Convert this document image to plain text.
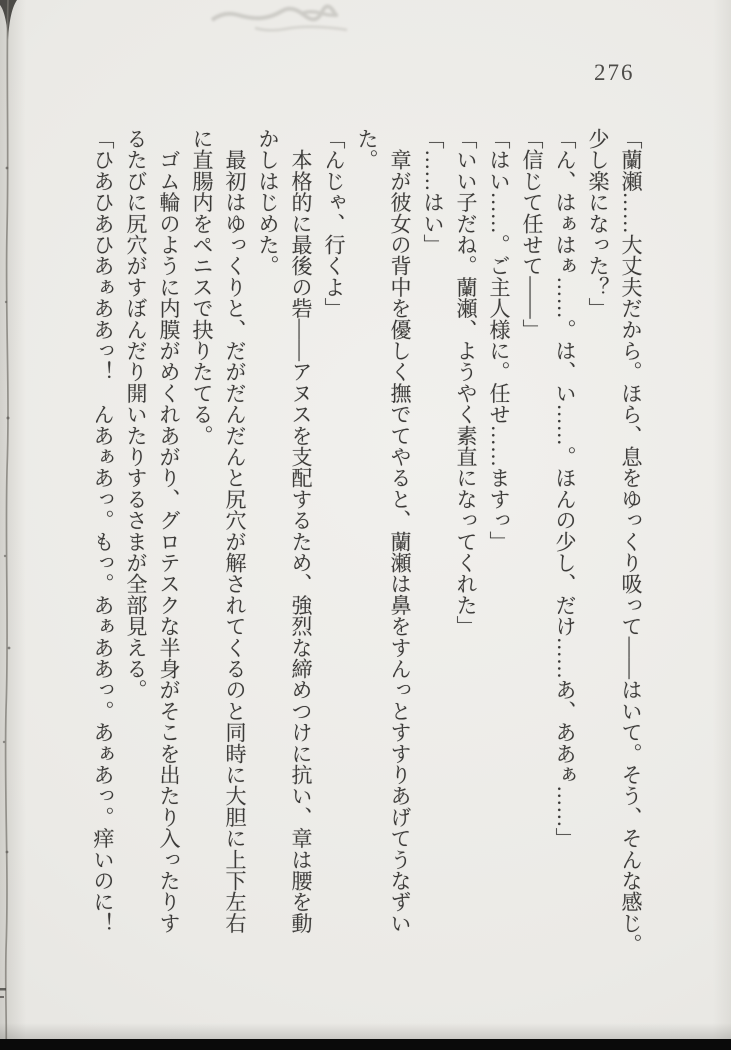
276

「蘭瀬……大丈夫だから。ほら、息をゆっくり吸って――はいて。そう、そんな感じ。

少し楽になった？」

「ん、はぁはぁ……。は、い……。ほんの少し、だけ……あ、ああぁ……」

「信じて任せて――」

「はい……。ご主人様に。任せ……ますっ」

「いい子だね。蘭瀬、ようやく素直になってくれた」

「……はい」

　章が彼女の背中を優しく撫でてやると、蘭瀬は鼻をすんっとすすりあげてうなずい

た。

「んじゃ、行くよ」

　本格的に最後の砦――アヌスを支配するため、強烈な締めつけに抗い、章は腰を動

かしはじめた。

　最初はゆっくりと、だがだんだんと尻穴が解されてくるのと同時に大胆に上下左右

に直腸内をペニスで抉りたてる。

　ゴム輪のように内膜がめくれあがり、グロテスクな半身がそこを出たり入ったりす

るたびに尻穴がすぼんだり開いたりするさまが全部見える。

「ひあひあひあぁああっ！　んあぁあっ。もっ。あぁああっ。あぁあっ。痒いのに！
